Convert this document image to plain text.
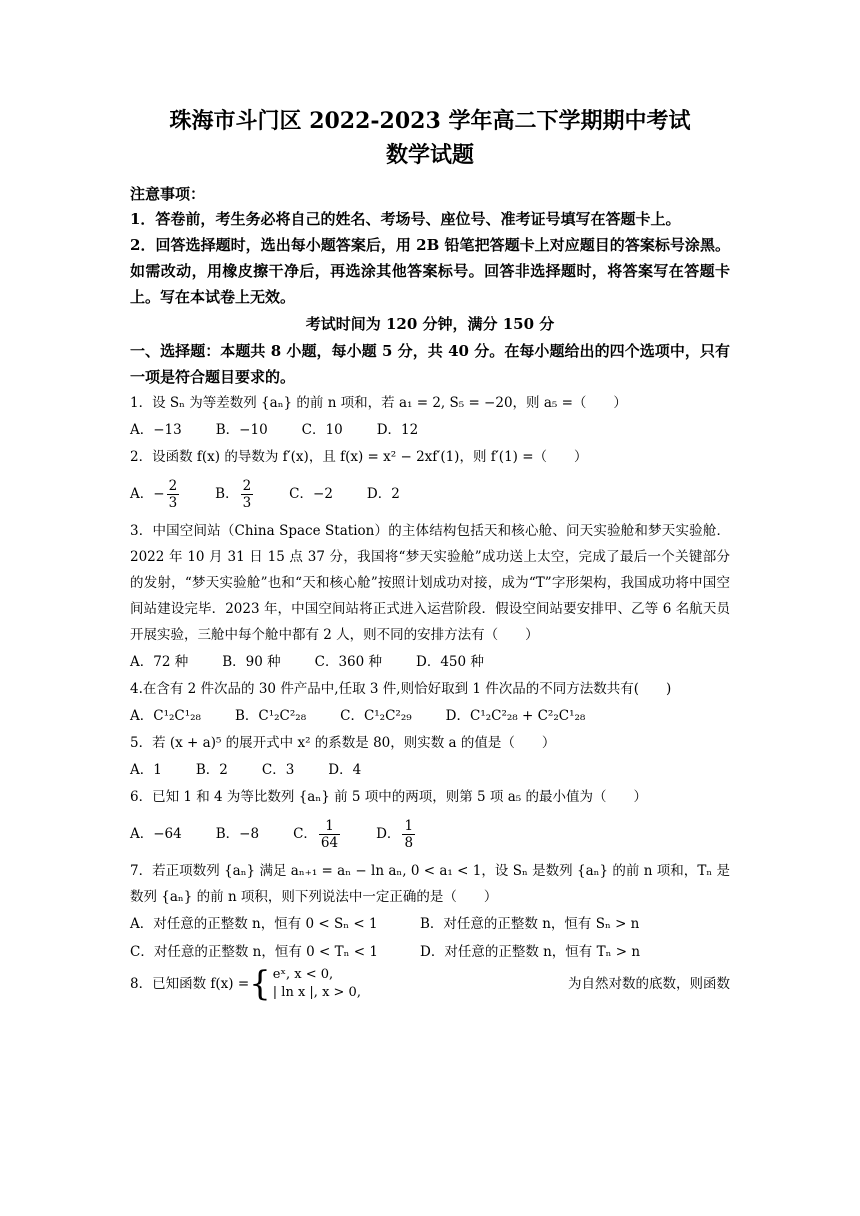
珠海市斗门区 2022-2023 学年高二下学期期中考试
数学试题
注意事项：
1．答卷前，考生务必将自己的姓名、考场号、座位号、准考证号填写在答题卡上。
2．回答选择题时，选出每小题答案后，用 2B 铅笔把答题卡上对应题目的答案标号涂黑。如需改动，用橡皮擦干净后，再选涂其他答案标号。回答非选择题时，将答案写在答题卡上。写在本试卷上无效。
考试时间为 120 分钟，满分 150 分
一、选择题：本题共 8 小题，每小题 5 分，共 40 分。在每小题给出的四个选项中，只有一项是符合题目要求的。
1．设 Sₙ 为等差数列 {aₙ} 的前 n 项和，若 a₁ = 2, S₅ = −20，则 a₅ =（　　）
A．−13	B．−10	C．10	D．12
2．设函数 f(x) 的导数为 f′(x)，且 f(x) = x² − 2xf′(1)，则 f′(1) =（　　）
A．− $\frac{2}{3}$	B． $\frac{2}{3}$	C．−2	D．2
3．中国空间站（China Space Station）的主体结构包括天和核心舱、问天实验舱和梦天实验舱．2022 年 10 月 31 日 15 点 37 分，我国将“梦天实验舱”成功送上太空，完成了最后一个关键部分的发射，“梦天实验舱”也和“天和核心舱”按照计划成功对接，成为“T”字形架构，我国成功将中国空间站建设完毕．2023 年，中国空间站将正式进入运营阶段．假设空间站要安排甲、乙等 6 名航天员开展实验，三舱中每个舱中都有 2 人，则不同的安排方法有（　　）
A．72 种	B．90 种	C．360 种	D．450 种
4.在含有 2 件次品的 30 件产品中,任取 3 件,则恰好取到 1 件次品的不同方法数共有(　　)
A．C¹₂C¹₂₈	B．C¹₂C²₂₈	C．C¹₂C²₂₉	D．C¹₂C²₂₈ + C²₂C¹₂₈
5．若 (x + a)⁵ 的展开式中 x² 的系数是 80，则实数 a 的值是（　　）
A．1	B．2	C．3	D．4
6．已知 1 和 4 为等比数列 {aₙ} 前 5 项中的两项，则第 5 项 a₅ 的最小值为（　　）
A．−64	B．−8	C． $\frac{1}{64}$	D． $\frac{1}{8}$
7．若正项数列 {aₙ} 满足 aₙ₊₁ = aₙ − ln aₙ, 0 < a₁ < 1，设 Sₙ 是数列 {aₙ} 的前 n 项和，Tₙ 是数列 {aₙ} 的前 n 项积，则下列说法中一定正确的是（　　）
A．对任意的正整数 n，恒有 0 < Sₙ < 1	B．对任意的正整数 n，恒有 Sₙ > n
C．对任意的正整数 n，恒有 0 < Tₙ < 1	D．对任意的正整数 n，恒有 Tₙ > n
8．已知函数 f(x) = { eˣ, x < 0,
| ln x |, x > 0,
为自然对数的底数，则函数
